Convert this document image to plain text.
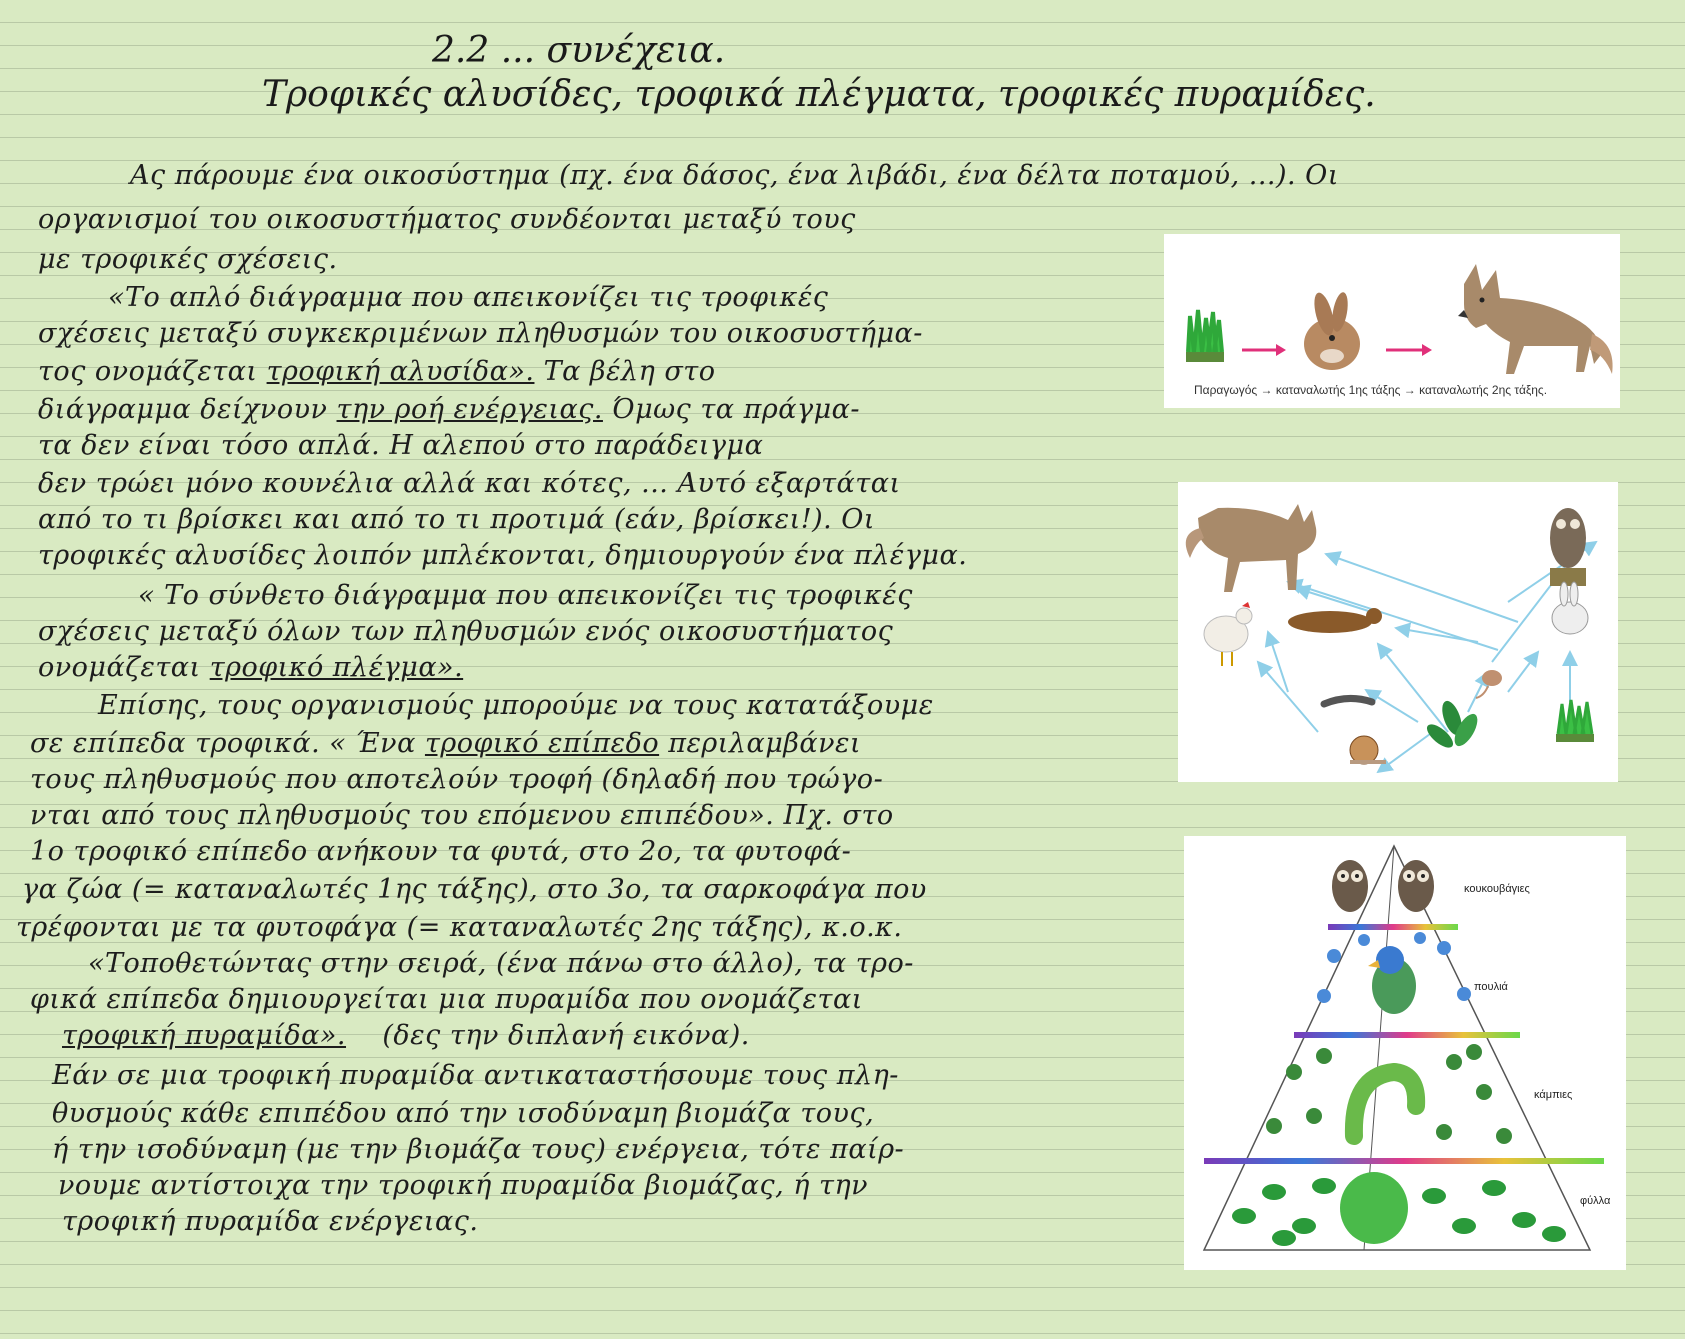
2.2 ... συνέχεια.
Τροφικές αλυσίδες, τροφικά πλέγματα, τροφικές πυραμίδες.
Ας πάρουμε ένα οικοσύστημα (πχ. ένα δάσος, ένα λιβάδι, ένα δέλτα ποταμού, ...). Οι
οργανισμοί του οικοσυστήματος συνδέονται μεταξύ τους
με τροφικές σχέσεις.
«Το απλό διάγραμμα που απεικονίζει τις τροφικές
σχέσεις μεταξύ συγκεκριμένων πληθυσμών του οικοσυστήμα-
τος ονομάζεται τροφική αλυσίδα». Τα βέλη στο
διάγραμμα δείχνουν την ροή ενέργειας. Όμως τα πράγμα-
τα δεν είναι τόσο απλά. Η αλεπού στο παράδειγμα
δεν τρώει μόνο κουνέλια αλλά και κότες, ... Αυτό εξαρτάται
από το τι βρίσκει και από το τι προτιμά (εάν, βρίσκει!). Οι
τροφικές αλυσίδες λοιπόν μπλέκονται, δημιουργούν ένα πλέγμα.
« Το σύνθετο διάγραμμα που απεικονίζει τις τροφικές
σχέσεις μεταξύ όλων των πληθυσμών ενός οικοσυστήματος
ονομάζεται τροφικό πλέγμα».
Επίσης, τους οργανισμούς μπορούμε να τους κατατάξουμε
σε επίπεδα τροφικά. « Ένα τροφικό επίπεδο περιλαμβάνει
τους πληθυσμούς που αποτελούν τροφή (δηλαδή που τρώγο-
νται από τους πληθυσμούς του επόμενου επιπέδου». Πχ. στο
1ο τροφικό επίπεδο ανήκουν τα φυτά, στο 2ο, τα φυτοφά-
γα ζώα (= καταναλωτές 1ης τάξης), στο 3ο, τα σαρκοφάγα που
τρέφονται με τα φυτοφάγα (= καταναλωτές 2ης τάξης), κ.ο.κ.
«Τοποθετώντας στην σειρά, (ένα πάνω στο άλλο), τα τρο-
φικά επίπεδα δημιουργείται μια πυραμίδα που ονομάζεται
τροφική πυραμίδα». (δες την διπλανή εικόνα).
Εάν σε μια τροφική πυραμίδα αντικαταστήσουμε τους πλη-
θυσμούς κάθε επιπέδου από την ισοδύναμη βιομάζα τους,
ή την ισοδύναμη (με την βιομάζα τους) ενέργεια, τότε παίρ-
νουμε αντίστοιχα την τροφική πυραμίδα βιομάζας, ή την
τροφική πυραμίδα ενέργειας.
Παραγωγός → καταναλωτής 1ης τάξης → καταναλωτής 2ης τάξης.
κουκουβάγιες
πουλιά
κάμπιες
φύλλα
